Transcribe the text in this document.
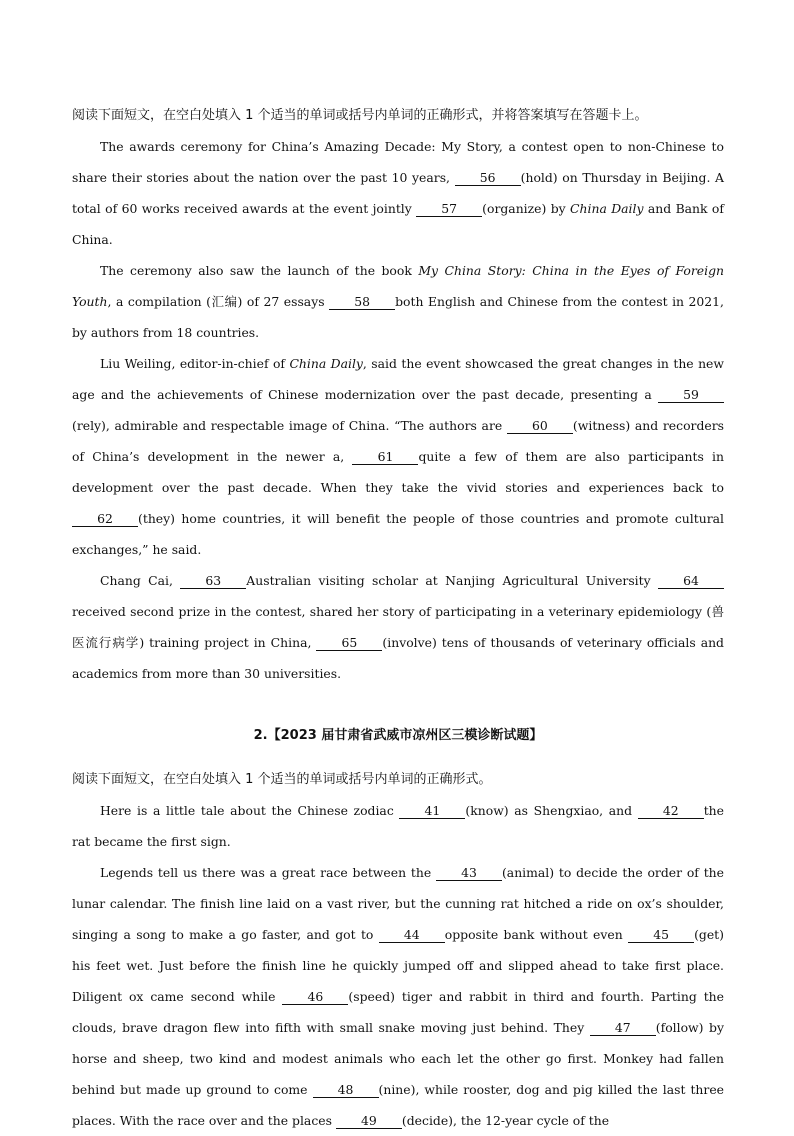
阅读下面短文，在空白处填入 1 个适当的单词或括号内单词的正确形式，并将答案填写在答题卡上。

The awards ceremony for China’s Amazing Decade: My Story, a contest open to non-Chinese to share their stories about the nation over the past 10 years, 56 (hold) on Thursday in Beijing. A total of 60 works received awards at the event jointly 57 (organize) by China Daily and Bank of China.

The ceremony also saw the launch of the book My China Story: China in the Eyes of Foreign Youth, a compilation (汇编) of 27 essays 58 both English and Chinese from the contest in 2021, by authors from 18 countries.

Liu Weiling, editor-in-chief of China Daily, said the event showcased the great changes in the new age and the achievements of Chinese modernization over the past decade, presenting a 59(rely), admirable and respectable image of China. “The authors are 60 (witness) and recorders of China’s development in the newer a, 61 quite a few of them are also participants in development over the past decade. When they take the vivid stories and experiences back to 62 (they) home countries, it will benefit the people of those countries and promote cultural exchanges,” he said.

Chang Cai, 63 Australian visiting scholar at Nanjing Agricultural University 64received second prize in the contest, shared her story of participating in a veterinary epidemiology (兽医流行病学) training project in China, 65 (involve) tens of thousands of veterinary officials and academics from more than 30 universities.

2.【2023 届甘肃省武威市凉州区三模诊断试题】

阅读下面短文，在空白处填入 1 个适当的单词或括号内单词的正确形式。

Here is a little tale about the Chinese zodiac 41 (know) as Shengxiao, and 42 the rat became the first sign.

Legends tell us there was a great race between the 43 (animal) to decide the order of the lunar calendar. The finish line laid on a vast river, but the cunning rat hitched a ride on ox’s shoulder, singing a song to make a go faster, and got to 44 opposite bank without even 45 (get) his feet wet. Just before the finish line he quickly jumped off and slipped ahead to take first place. Diligent ox came second while 46 (speed) tiger and rabbit in third and fourth. Parting the clouds, brave dragon flew into fifth with small snake moving just behind. They 47 (follow) by horse and sheep, two kind and modest animals who each let the other go first. Monkey had fallen behind but made up ground to come 48 (nine), while rooster, dog and pig killed the last three places. With the race over and the places 49 (decide), the 12-year cycle of the
